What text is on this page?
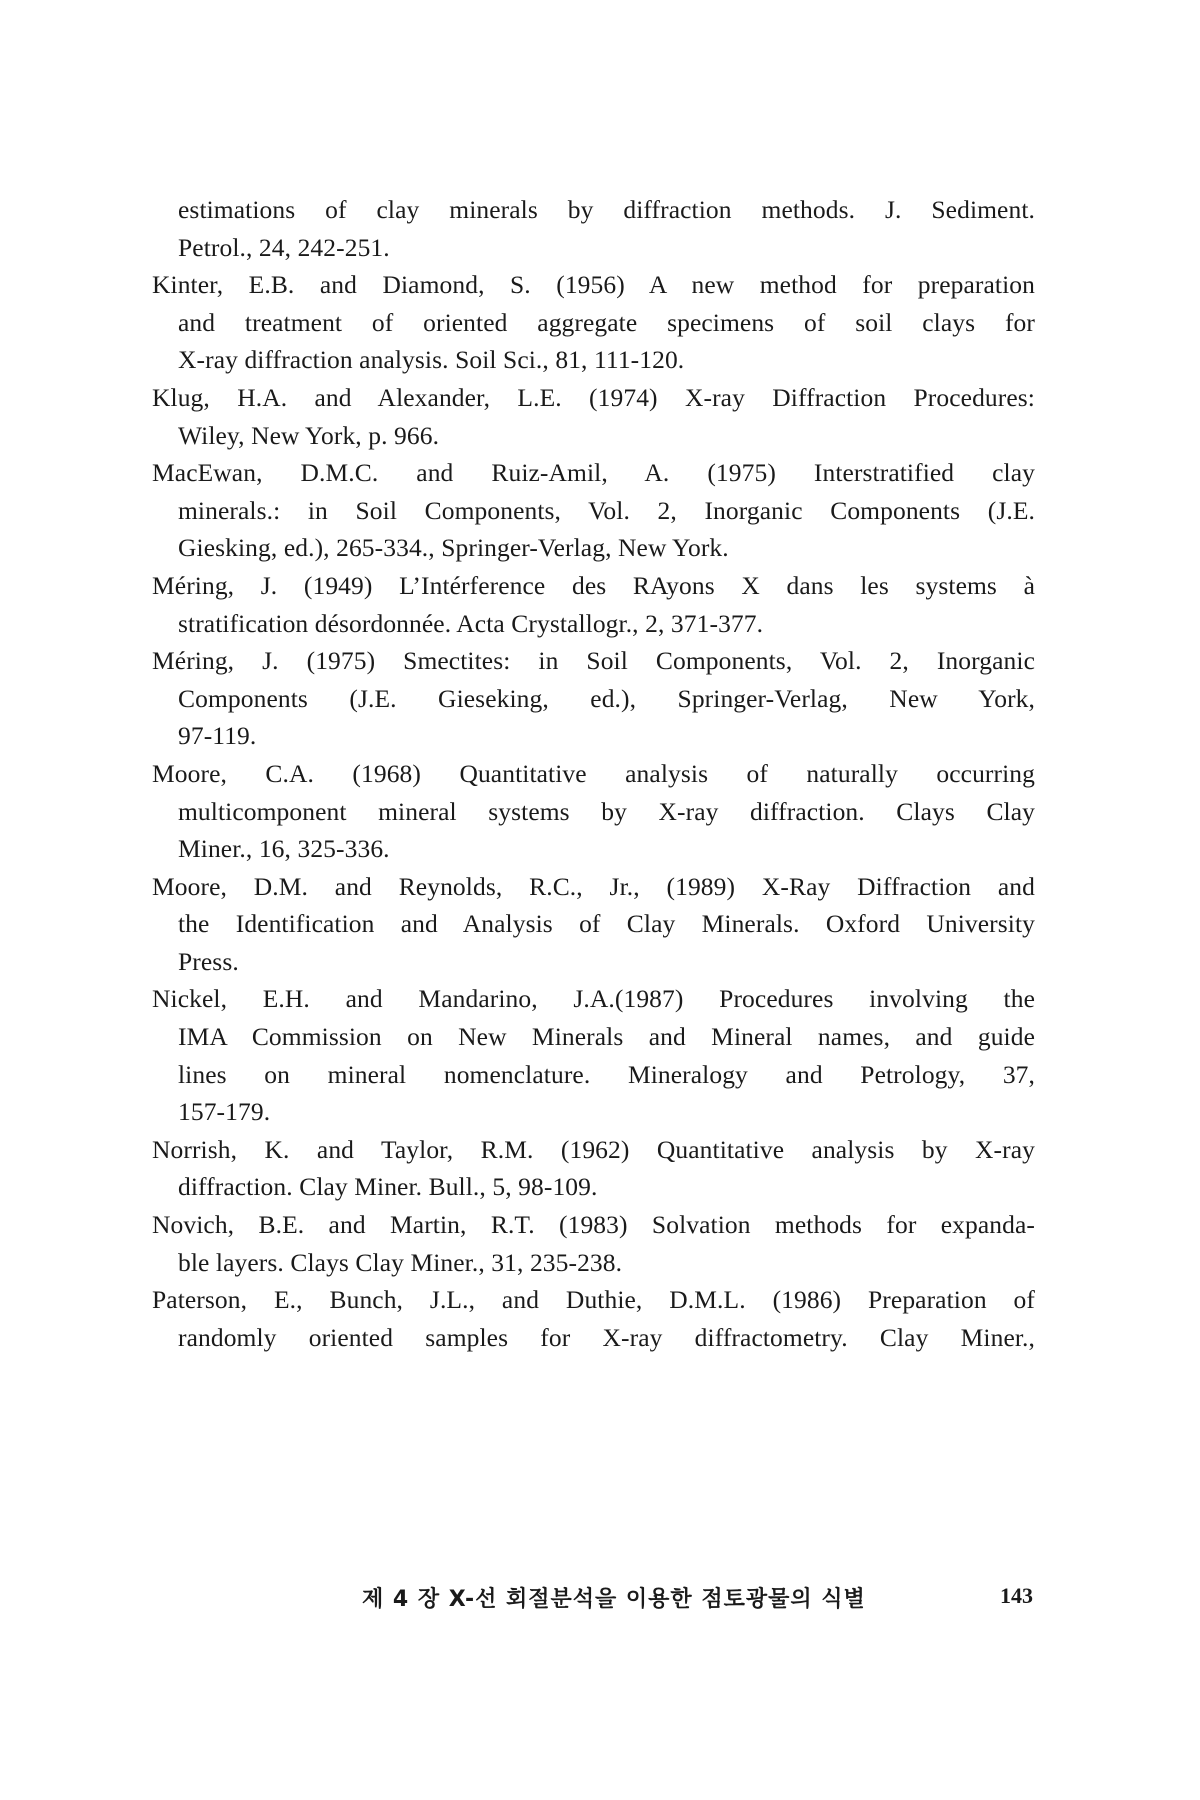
estimations of clay minerals by diffraction methods. J. Sediment.
Petrol., 24, 242-251.
Kinter, E.B. and Diamond, S. (1956) A new method for preparation
and treatment of oriented aggregate specimens of soil clays for
X-ray diffraction analysis. Soil Sci., 81, 111-120.
Klug, H.A. and Alexander, L.E. (1974) X-ray Diffraction Procedures:
Wiley, New York, p. 966.
MacEwan, D.M.C. and Ruiz-Amil, A. (1975) Interstratified clay
minerals.: in Soil Components, Vol. 2, Inorganic Components (J.E.
Giesking, ed.), 265-334., Springer-Verlag, New York.
Méring, J. (1949) L’Intérference des RAyons X dans les systems à
stratification désordonnée. Acta Crystallogr., 2, 371-377.
Méring, J. (1975) Smectites: in Soil Components, Vol. 2, Inorganic
Components (J.E. Gieseking, ed.), Springer-Verlag, New York,
97-119.
Moore, C.A. (1968) Quantitative analysis of naturally occurring
multicomponent mineral systems by X-ray diffraction. Clays Clay
Miner., 16, 325-336.
Moore, D.M. and Reynolds, R.C., Jr., (1989) X-Ray Diffraction and
the Identification and Analysis of Clay Minerals. Oxford University
Press.
Nickel, E.H. and Mandarino, J.A.(1987) Procedures involving the
IMA Commission on New Minerals and Mineral names, and guide
lines on mineral nomenclature. Mineralogy and Petrology, 37,
157-179.
Norrish, K. and Taylor, R.M. (1962) Quantitative analysis by X-ray
diffraction. Clay Miner. Bull., 5, 98-109.
Novich, B.E. and Martin, R.T. (1983) Solvation methods for expanda-
ble layers. Clays Clay Miner., 31, 235-238.
Paterson, E., Bunch, J.L., and Duthie, D.M.L. (1986) Preparation of
randomly oriented samples for X-ray diffractometry. Clay Miner.,
제 4 장 X-선 회절분석을 이용한 점토광물의 식별	143
